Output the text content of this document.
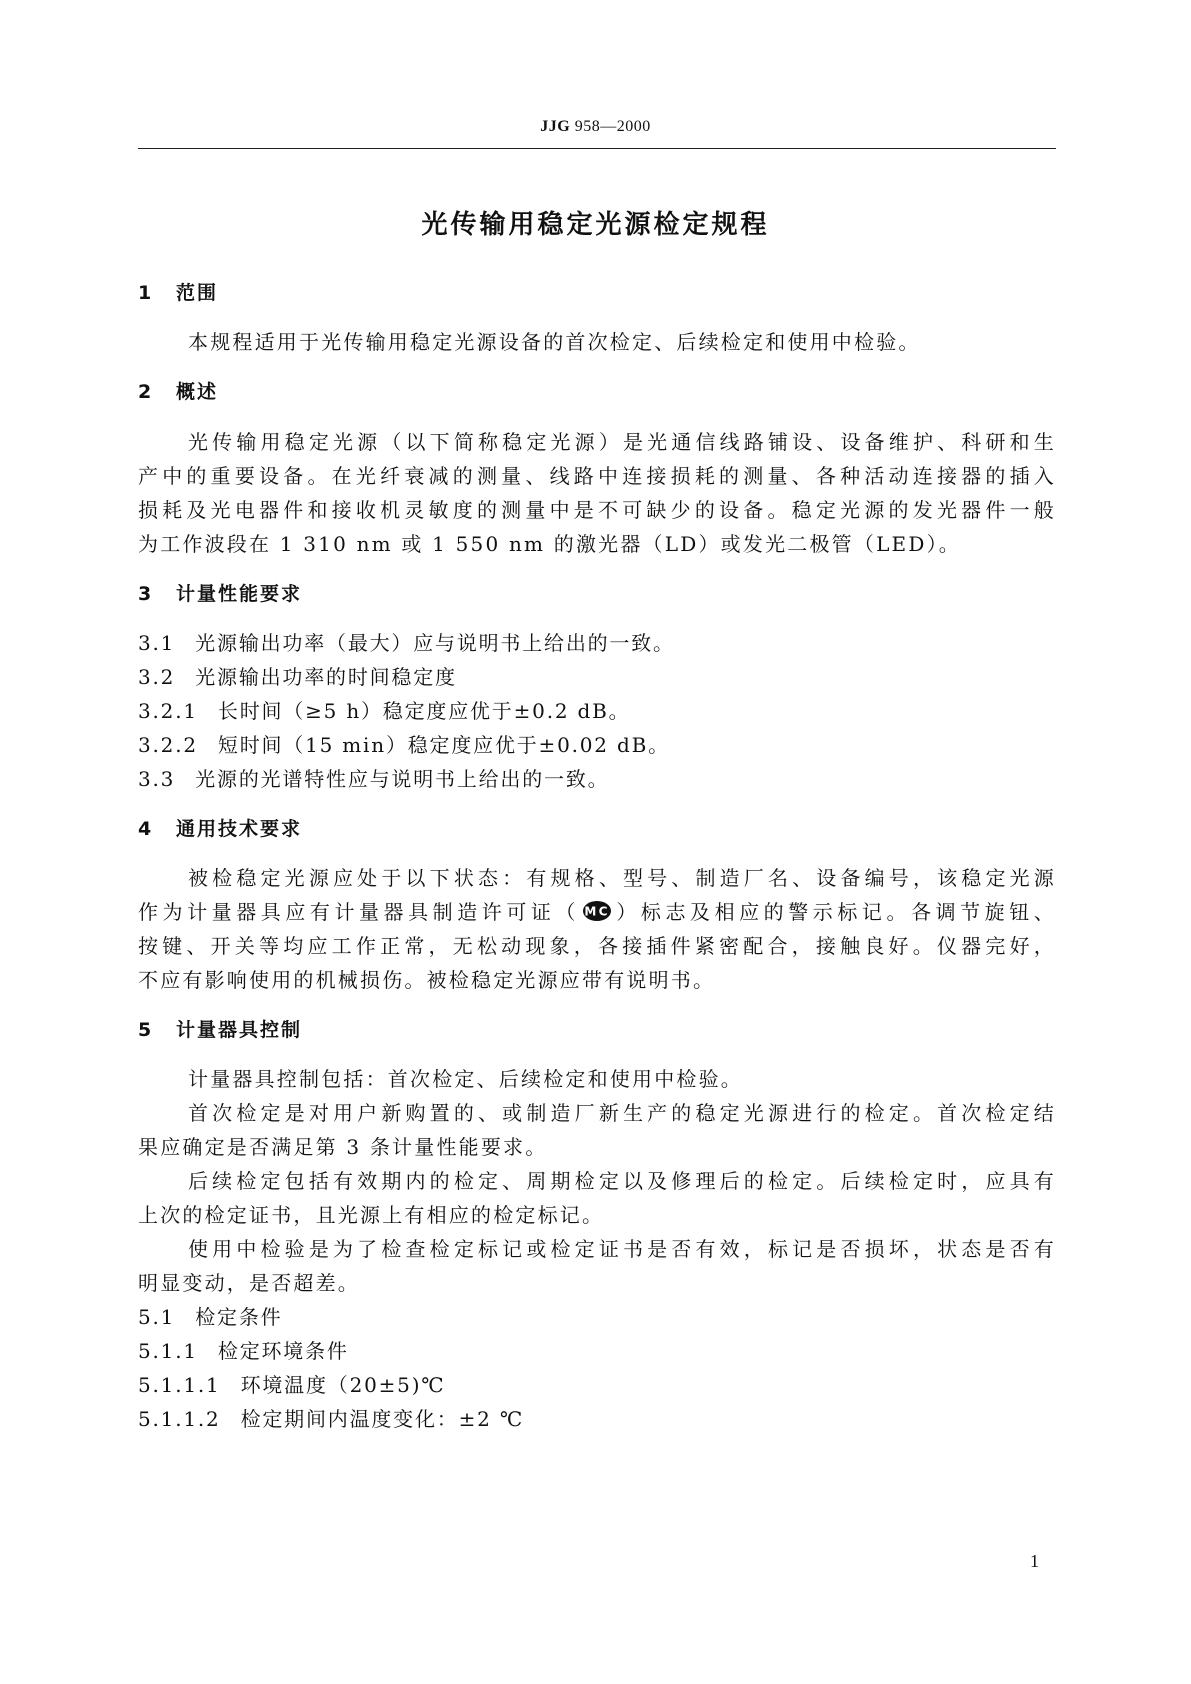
JJG 958—2000
光传输用稳定光源检定规程
1 范围
本规程适用于光传输用稳定光源设备的首次检定、后续检定和使用中检验。
2 概述
光传输用稳定光源（以下简称稳定光源）是光通信线路铺设、设备维护、科研和生
产中的重要设备。在光纤衰减的测量、线路中连接损耗的测量、各种活动连接器的插入
损耗及光电器件和接收机灵敏度的测量中是不可缺少的设备。稳定光源的发光器件一般
为工作波段在 1 310 nm 或 1 550 nm 的激光器（LD）或发光二极管（LED）。
3 计量性能要求
3.1 光源输出功率（最大）应与说明书上给出的一致。
3.2 光源输出功率的时间稳定度
3.2.1 长时间（≥5 h）稳定度应优于±0.2 dB。
3.2.2 短时间（15 min）稳定度应优于±0.02 dB。
3.3 光源的光谱特性应与说明书上给出的一致。
4 通用技术要求
被检稳定光源应处于以下状态：有规格、型号、制造厂名、设备编号，该稳定光源
作为计量器具应有计量器具制造许可证（ MC ）标志及相应的警示标记。各调节旋钮、
按键、开关等均应工作正常，无松动现象，各接插件紧密配合，接触良好。仪器完好，
不应有影响使用的机械损伤。被检稳定光源应带有说明书。
5 计量器具控制
计量器具控制包括：首次检定、后续检定和使用中检验。
首次检定是对用户新购置的、或制造厂新生产的稳定光源进行的检定。首次检定结
果应确定是否满足第 3 条计量性能要求。
后续检定包括有效期内的检定、周期检定以及修理后的检定。后续检定时，应具有
上次的检定证书，且光源上有相应的检定标记。
使用中检验是为了检查检定标记或检定证书是否有效，标记是否损坏，状态是否有
明显变动，是否超差。
5.1 检定条件
5.1.1 检定环境条件
5.1.1.1 环境温度（20±5)℃
5.1.1.2 检定期间内温度变化：±2 ℃
1
